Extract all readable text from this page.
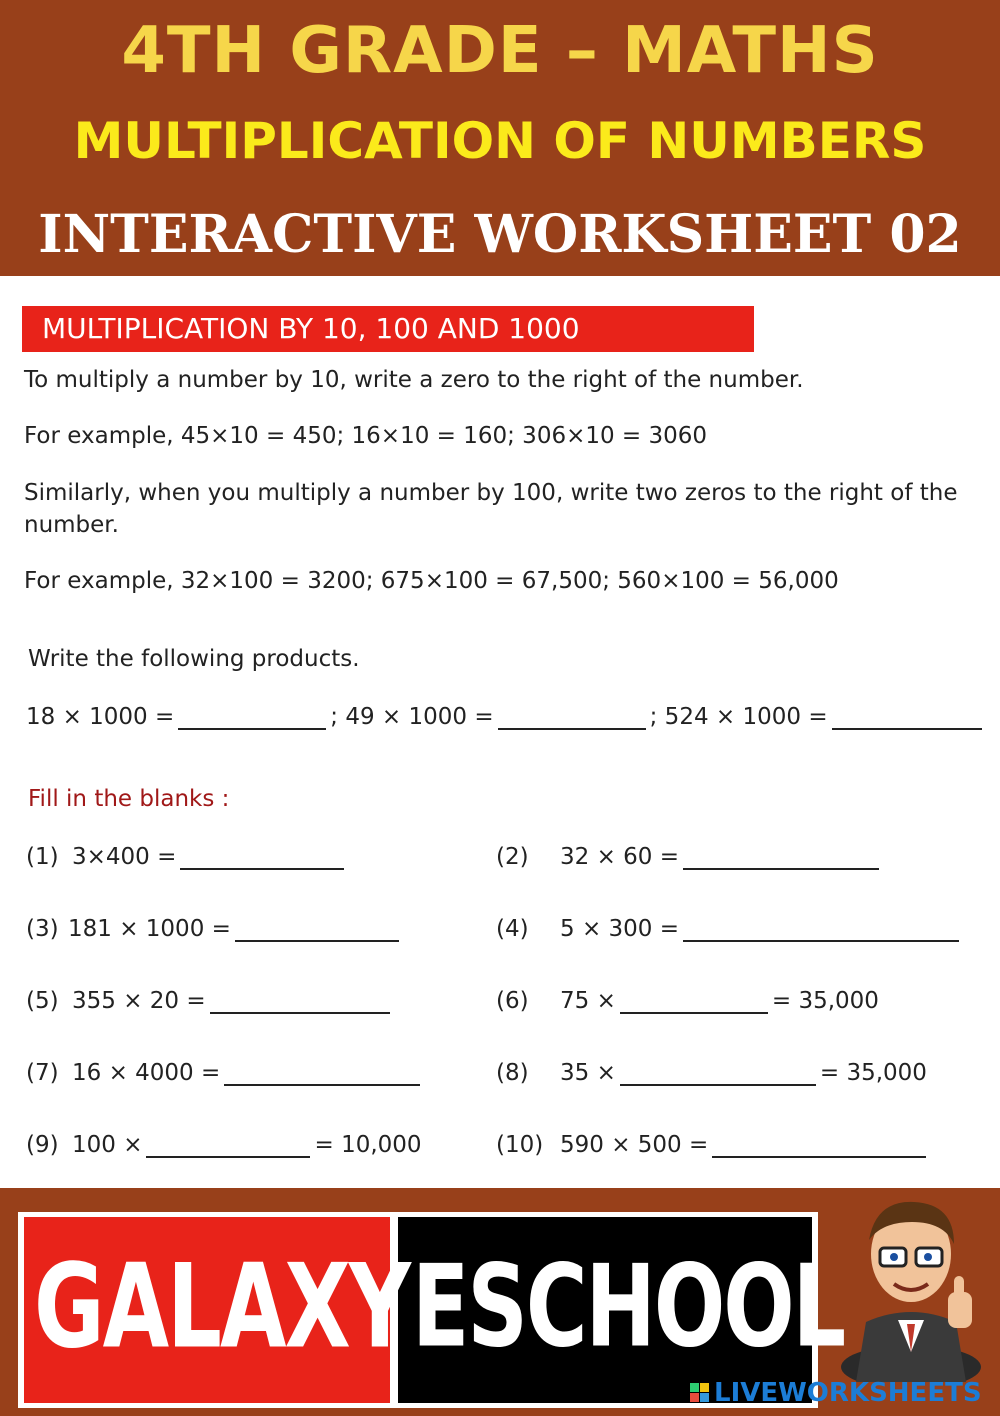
4TH GRADE – MATHS
MULTIPLICATION OF NUMBERS
INTERACTIVE WORKSHEET 02
MULTIPLICATION BY 10, 100 AND 1000
To multiply a number by 10, write a zero to the right of the number.
For example, 45×10 = 450; 16×10 = 160; 306×10 = 3060
Similarly, when you multiply a number by 100, write two zeros to the right of the number.
For example, 32×100 = 3200; 675×100 = 67,500; 560×100 = 56,000
Write the following products.
18 × 1000 =	; 49 × 1000 =	; 524 × 1000 =
Fill in the blanks :
(1) 3×400 =	(2)	32 × 60 =
(3) 181 × 1000 =	(4)	5 × 300 =
(5) 355 × 20 =	(6)	75 ×	= 35,000
(7) 16 × 4000 =	(8)	35 ×	= 35,000
(9) 100 ×	= 10,000	(10) 590 × 500 =
GALAXY ESCHOOL
LIVEWORKSHEETS
